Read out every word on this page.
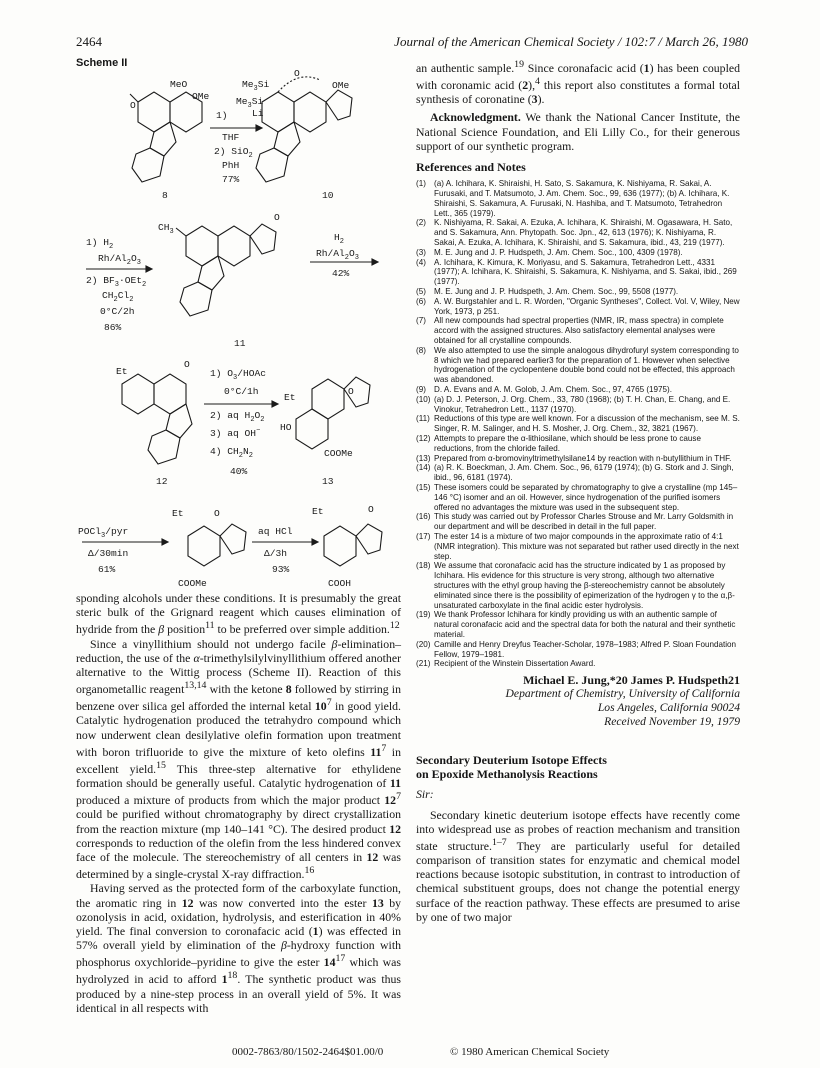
2464	Journal of the American Chemical Society / 102:7 / March 26, 1980
Scheme II
MeO
OMe
O
$Me_3Si$	OMe
O
$Me_3Si$
1)	Li
THF
2) SiO$_2$
PhH
77%
8	10
1) $H_2$
$Rh/Al_2O_3$
2) $BF_3\cdot OEt_2$
$CH_2Cl_2$
0°C/2h
86%
$CH_3$
O
$H_2$
$Rh/Al_2O_3$
42%
11
Et
O
1) $O_3$/HOAc
0°C/1h
2) aq $H_2O_2$
3) aq OH−
4) $CH_2N_2$
40%
Et
O
HO
COOMe
12	13
POCl$_3$/pyr
Δ/30min
61%
Et	O
COOMe
aq HCl
Δ/3h
93%
Et	O
COOH

sponding alcohols under these conditions. It is presumably the great steric bulk of the Grignard reagent which causes elimination of hydride from the β position$^{11}$ to be preferred over simple addition.$^{12}$

Since a vinyllithium should not undergo facile β-elimination–reduction, the use of the α-trimethylsilylvinyllithium offered another alternative to the Wittig process (Scheme II). Reaction of this organometallic reagent$^{13,14}$ with the ketone 8 followed by stirring in benzene over silica gel afforded the internal ketal $10^7$ in good yield. Catalytic hydrogenation produced the tetrahydro compound which now underwent clean desilylative olefin formation upon treatment with boron trifluoride to give the mixture of keto olefins $11^7$ in excellent yield.$^{15}$ This three-step alternative for ethylidene formation should be generally useful. Catalytic hydrogenation of 11 produced a mixture of products from which the major product $12^7$ could be purified without chromatography by direct crystallization from the reaction mixture (mp 140–141 °C). The desired product 12 corresponds to reduction of the olefin from the less hindered convex face of the molecule. The stereochemistry of all centers in 12 was determined by a single-crystal X-ray diffraction.$^{16}$

Having served as the protected form of the carboxylate function, the aromatic ring in 12 was now converted into the ester 13 by ozonolysis in acid, oxidation, hydrolysis, and esterification in 40% yield. The final conversion to coronafacic acid (1) was effected in 57% overall yield by elimination of the β-hydroxy function with phosphorus oxychloride–pyridine to give the ester $14^{17}$ which was hydrolyzed in acid to afford $1^{18}$. The synthetic product was thus produced by a nine-step process in an overall yield of 5%. It was identical in all respects with

an authentic sample.$^{19}$ Since coronafacic acid (1) has been coupled with coronamic acid (2),$^4$ this report also constitutes a formal total synthesis of coronatine (3).

Acknowledgment. We thank the National Cancer Institute, the National Science Foundation, and Eli Lilly Co., for their generous support of our synthetic program.

References and Notes
(1) (a) A. Ichihara, K. Shiraishi, H. Sato, S. Sakamura, K. Nishiyama, R. Sakai, A. Furusaki, and T. Matsumoto, J. Am. Chem. Soc., 99, 636 (1977); (b) A. Ichihara, K. Shiraishi, S. Sakamura, A. Furusaki, N. Hashiba, and T. Matsumoto, Tetrahedron Lett., 365 (1979).
(2) K. Nishiyama, R. Sakai, A. Ezuka, A. Ichihara, K. Shiraishi, M. Ogasawara, H. Sato, and S. Sakamura, Ann. Phytopath. Soc. Jpn., 42, 613 (1976); K. Nishiyama, R. Sakai, A. Ezuka, A. Ichihara, K. Shiraishi, and S. Sakamura, ibid., 43, 219 (1977).
(3) M. E. Jung and J. P. Hudspeth, J. Am. Chem. Soc., 100, 4309 (1978).
(4) A. Ichihara, K. Kimura, K. Moriyasu, and S. Sakamura, Tetrahedron Lett., 4331 (1977); A. Ichihara, K. Shiraishi, S. Sakamura, K. Nishiyama, and S. Sakai, ibid., 269 (1977).
(5) M. E. Jung and J. P. Hudspeth, J. Am. Chem. Soc., 99, 5508 (1977).
(6) A. W. Burgstahler and L. R. Worden, "Organic Syntheses", Collect. Vol. V, Wiley, New York, 1973, p 251.
(7) All new compounds had spectral properties (NMR, IR, mass spectra) in complete accord with the assigned structures. Also satisfactory elemental analyses were obtained for all crystalline compounds.
(8) We also attempted to use the simple analogous dihydrofuryl system corresponding to 8 which we had prepared earlier3 for the preparation of 1. However when selective hydrogenation of the cyclopentene double bond could not be effected, this approach was abandoned.
(9) D. A. Evans and A. M. Golob, J. Am. Chem. Soc., 97, 4765 (1975).
(10) (a) D. J. Peterson, J. Org. Chem., 33, 780 (1968); (b) T. H. Chan, E. Chang, and E. Vinokur, Tetrahedron Lett., 1137 (1970).
(11) Reductions of this type are well known. For a discussion of the mechanism, see M. S. Singer, R. M. Salinger, and H. S. Mosher, J. Org. Chem., 32, 3821 (1967).
(12) Attempts to prepare the α-lithiosilane, which should be less prone to cause reductions, from the chloride failed.
(13) Prepared from α-bromovinyltrimethylsilane14 by reaction with n-butyllithium in THF.
(14) (a) R. K. Boeckman, J. Am. Chem. Soc., 96, 6179 (1974); (b) G. Stork and J. Singh, ibid., 96, 6181 (1974).
(15) These isomers could be separated by chromatography to give a crystalline (mp 145–146 °C) isomer and an oil. However, since hydrogenation of the purified isomers offered no advantages the mixture was used in the subsequent step.
(16) This study was carried out by Professor Charles Strouse and Mr. Larry Goldsmith in our department and will be described in detail in the full paper.
(17) The ester 14 is a mixture of two major compounds in the approximate ratio of 4:1 (NMR integration). This mixture was not separated but rather used directly in the next step.
(18) We assume that coronafacic acid has the structure indicated by 1 as proposed by Ichihara. His evidence for this structure is very strong, although two alternative structures with the ethyl group having the β-stereochemistry cannot be absolutely eliminated since there is the possibility of epimerization of the hydrogen γ to the α,β-unsaturated carboxylate in the final acidic ester hydrolysis.
(19) We thank Professor Ichihara for kindly providing us with an authentic sample of natural coronafacic acid and the spectral data for both the natural and their synthetic material.
(20) Camille and Henry Dreyfus Teacher-Scholar, 1978–1983; Alfred P. Sloan Foundation Fellow, 1979–1981.
(21) Recipient of the Winstein Dissertation Award.
Michael E. Jung,*20 James P. Hudspeth21
Department of Chemistry, University of California
Los Angeles, California 90024
Received November 19, 1979
Secondary Deuterium Isotope Effects
on Epoxide Methanolysis Reactions
Sir:

Secondary kinetic deuterium isotope effects have recently come into widespread use as probes of reaction mechanism and transition state structure.$^{1-7}$ They are particularly useful for detailed comparison of transition states for enzymatic and chemical model reactions because isotopic substitution, in contrast to introduction of chemical substituent groups, does not change the potential energy surface of the reaction pathway. These effects are presumed to arise by one of two major

0002-7863/80/1502-2464$01.00/0	© 1980 American Chemical Society
